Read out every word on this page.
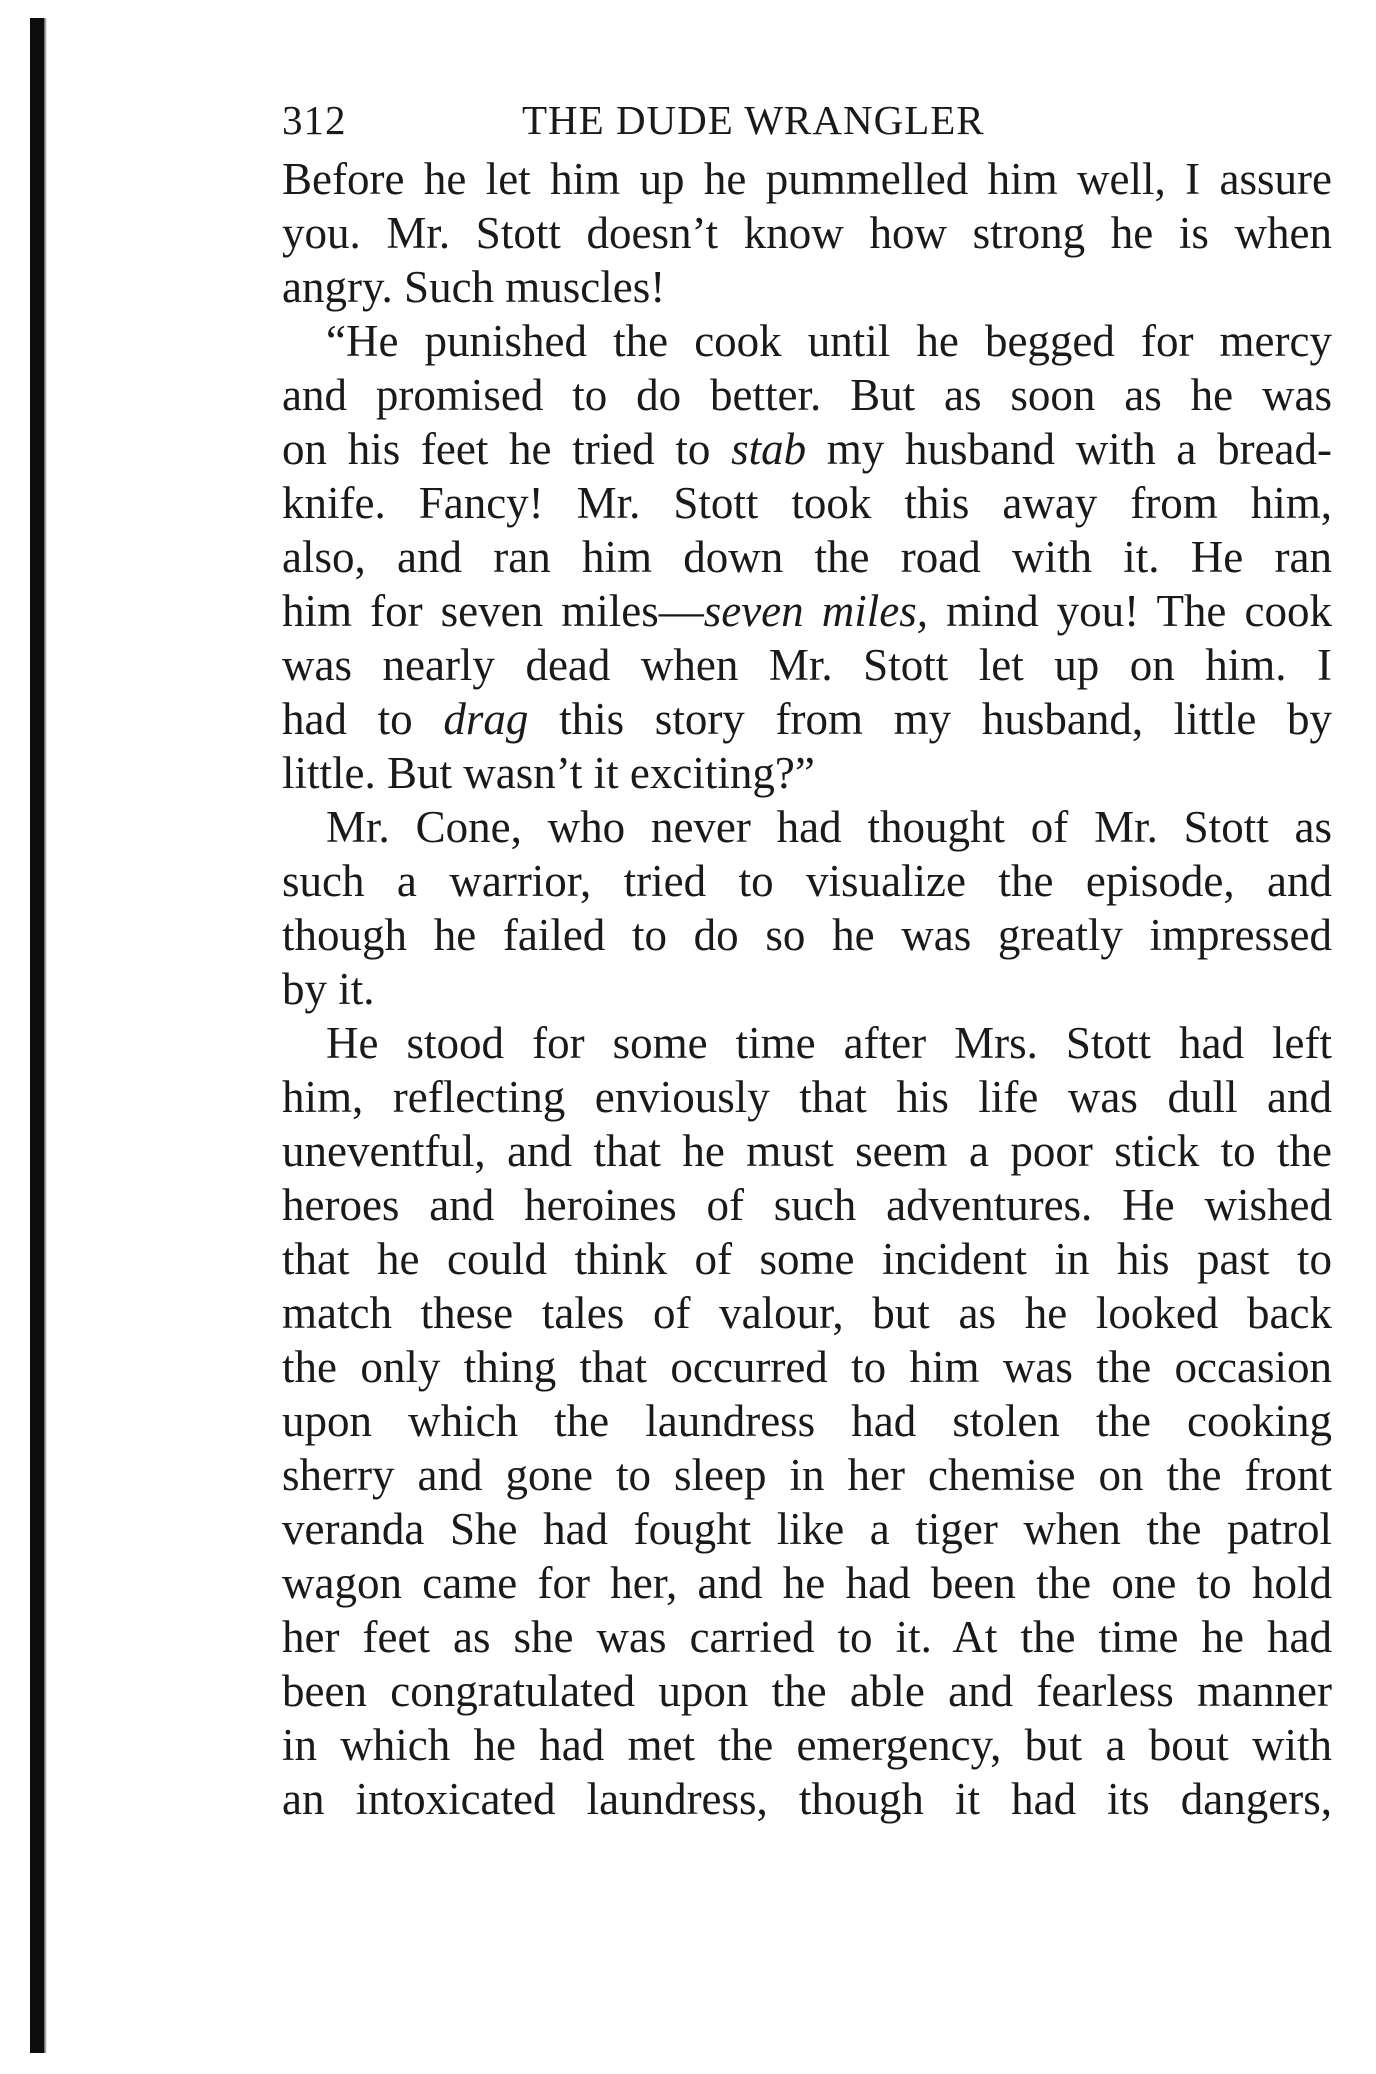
312	THE DUDE WRANGLER
Before he let him up he pummelled him well, I assure
you. Mr. Stott doesn’t know how strong he is when
angry. Such muscles!
“He punished the cook until he begged for mercy
and promised to do better. But as soon as he was
on his feet he tried to stab my husband with a bread-
knife. Fancy! Mr. Stott took this away from him,
also, and ran him down the road with it. He ran
him for seven miles—seven miles, mind you! The cook
was nearly dead when Mr. Stott let up on him. I
had to drag this story from my husband, little by
little. But wasn’t it exciting?”
Mr. Cone, who never had thought of Mr. Stott as
such a warrior, tried to visualize the episode, and
though he failed to do so he was greatly impressed
by it.
He stood for some time after Mrs. Stott had left
him, reflecting enviously that his life was dull and
uneventful, and that he must seem a poor stick to the
heroes and heroines of such adventures. He wished
that he could think of some incident in his past to
match these tales of valour, but as he looked back
the only thing that occurred to him was the occasion
upon which the laundress had stolen the cooking
sherry and gone to sleep in her chemise on the front
veranda She had fought like a tiger when the patrol
wagon came for her, and he had been the one to hold
her feet as she was carried to it. At the time he had
been congratulated upon the able and fearless manner
in which he had met the emergency, but a bout with
an intoxicated laundress, though it had its dangers,
